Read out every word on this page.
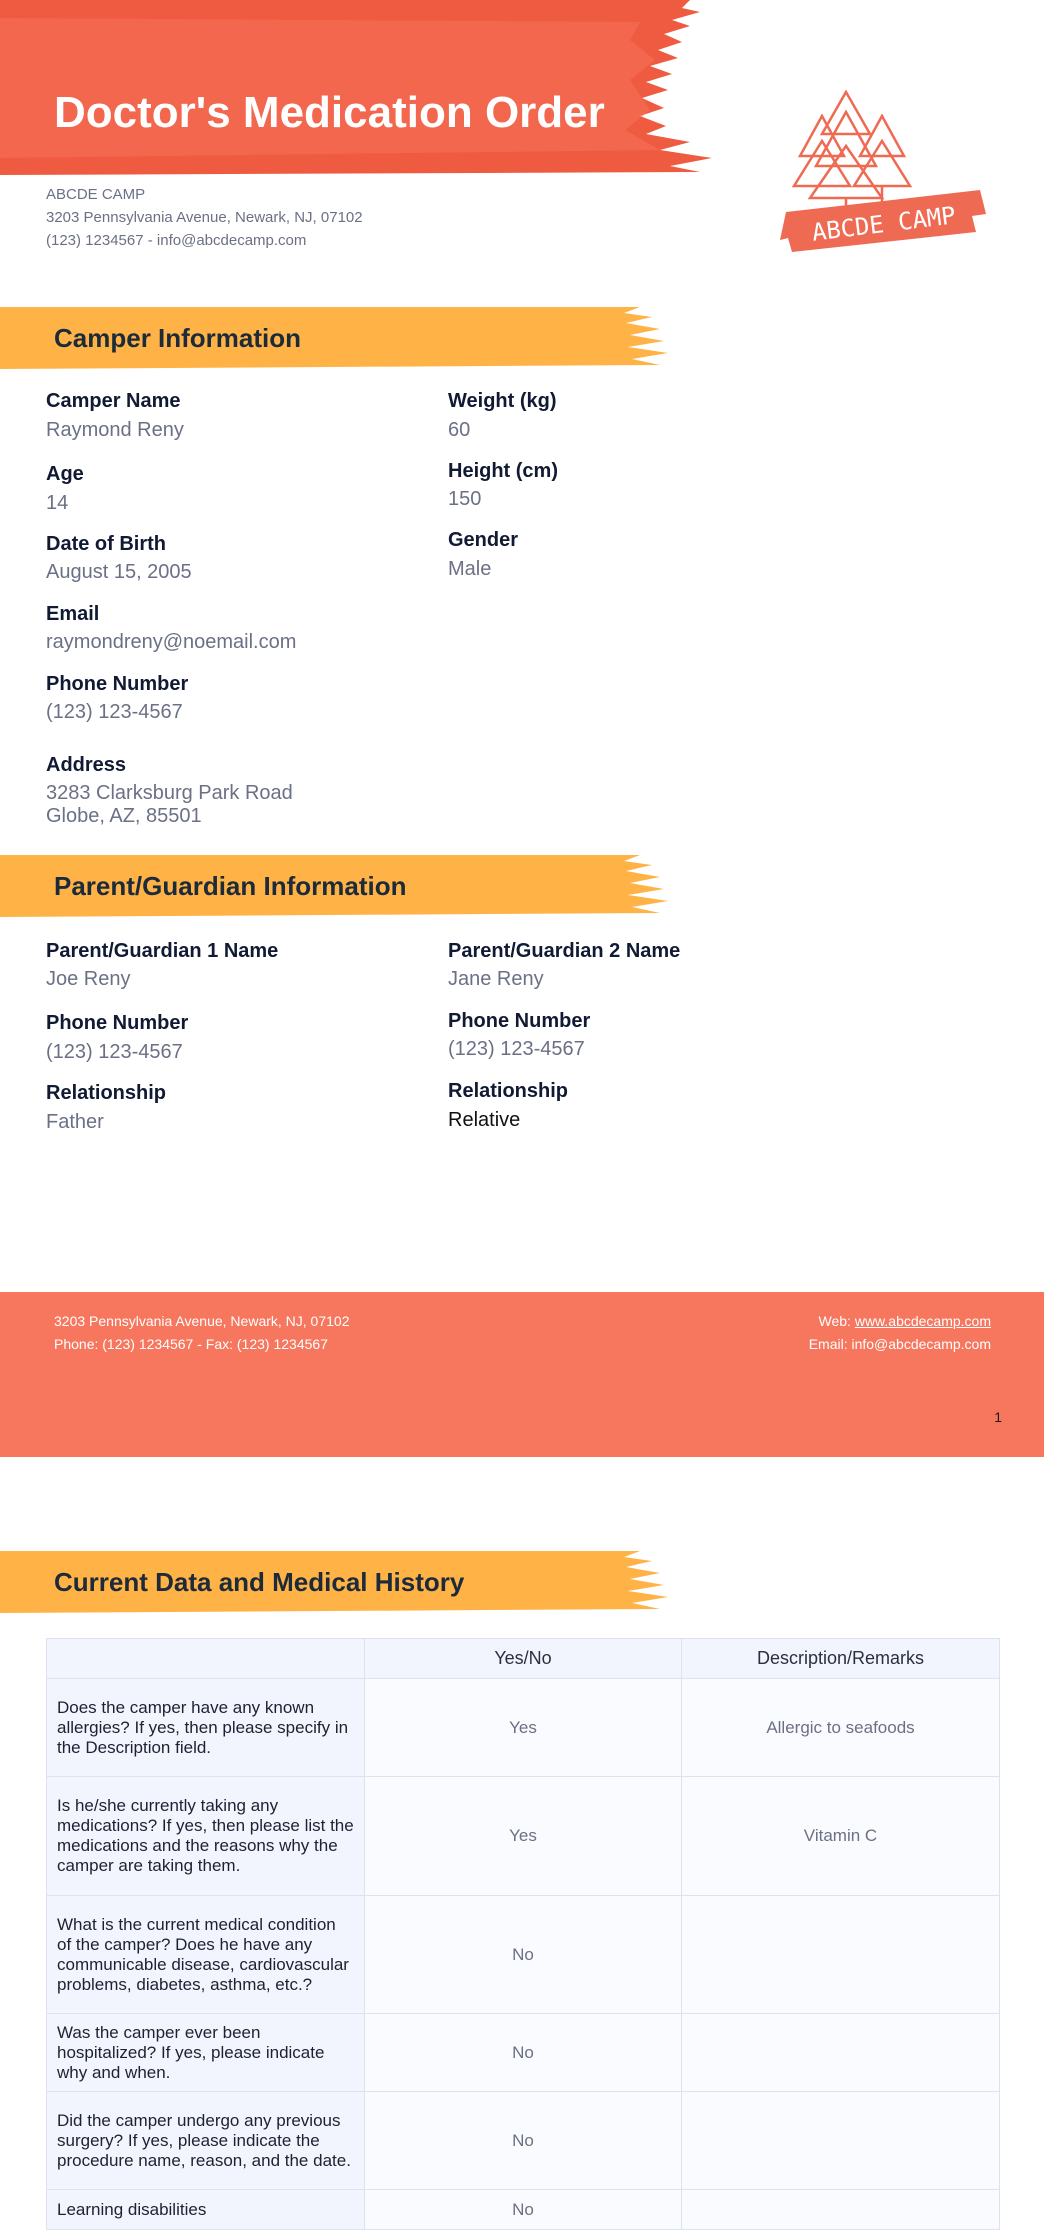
Doctor's Medication Order
ABCDE CAMP
3203 Pennsylvania Avenue, Newark, NJ, 07102
(123) 1234567 - info@abcdecamp.com	ABCDE CAMP
Camper Information
Camper Name
Raymond Reny
Age
14
Date of Birth
August 15, 2005
Email
raymondreny@noemail.com
Phone Number
(123) 123-4567
Address
3283 Clarksburg Park Road
Globe, AZ, 85501
Weight (kg)
60
Height (cm)
150
Gender
Male
Parent/Guardian Information
Parent/Guardian 1 Name
Joe Reny
Phone Number
(123) 123-4567
Relationship
Father
Parent/Guardian 2 Name
Jane Reny
Phone Number
(123) 123-4567
Relationship
Relative
3203 Pennsylvania Avenue, Newark, NJ, 07102
Phone: (123) 1234567 - Fax: (123) 1234567
Web: www.abcdecamp.com
Email: info@abcdecamp.com
1
Current Data and Medical History
	Yes/No	Description/Remarks
Does the camper have any known allergies? If yes, then please specify in the Description field.	Yes	Allergic to seafoods
Is he/she currently taking any medications? If yes, then please list the medications and the reasons why the camper are taking them.	Yes	Vitamin C
What is the current medical condition of the camper? Does he have any communicable disease, cardiovascular problems, diabetes, asthma, etc.?	No	
Was the camper ever been hospitalized? If yes, please indicate why and when.	No	
Did the camper undergo any previous surgery? If yes, please indicate the procedure name, reason, and the date.	No	
Learning disabilities	No	
